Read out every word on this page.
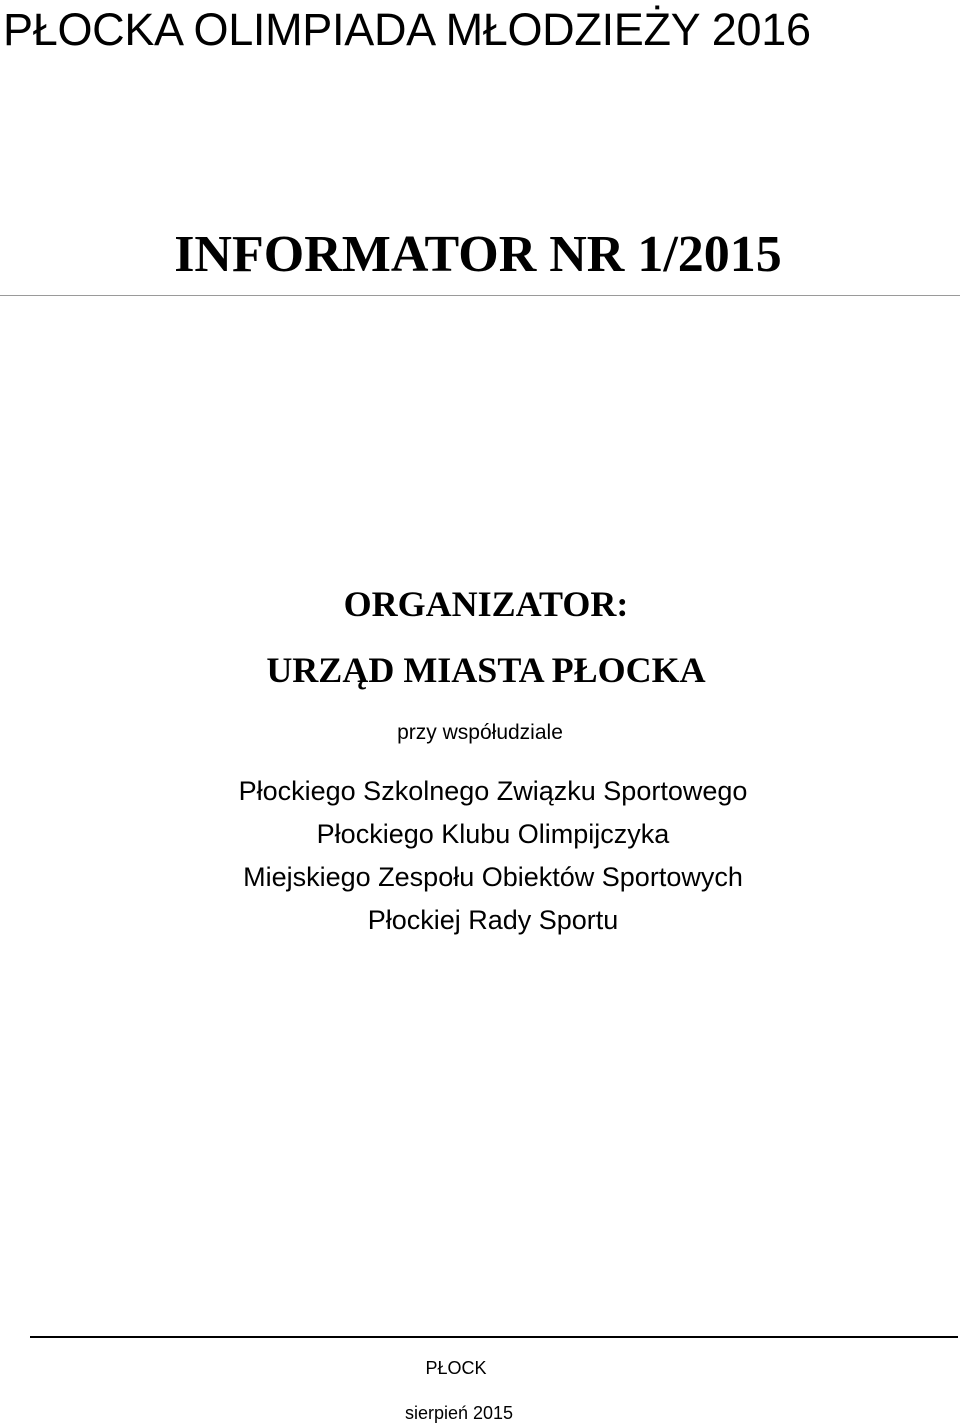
PŁOCKA OLIMPIADA MŁODZIEŻY 2016
INFORMATOR NR 1/2015
ORGANIZATOR:
URZĄD MIASTA PŁOCKA
przy współudziale
Płockiego Szkolnego Związku Sportowego
Płockiego Klubu Olimpijczyka
Miejskiego Zespołu Obiektów Sportowych
Płockiej Rady Sportu
PŁOCK
sierpień 2015
